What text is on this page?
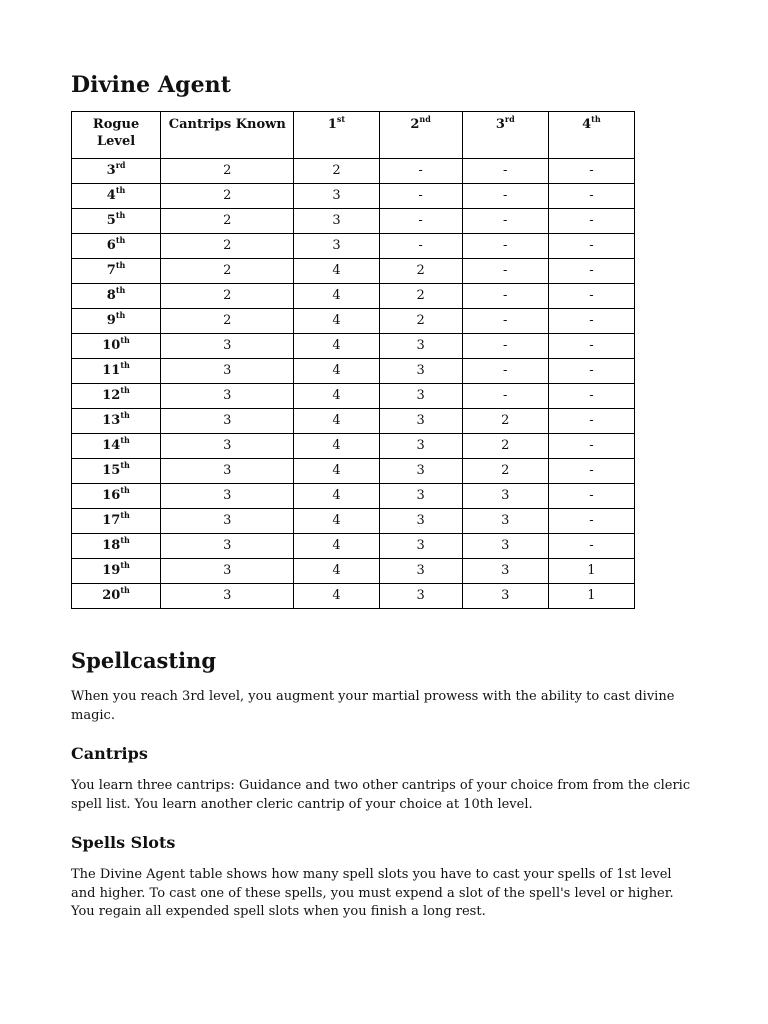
Divine Agent
Rogue Level	Cantrips Known	1st	2nd	3rd	4th
3rd	2	2	-	-	-
4th	2	3	-	-	-
5th	2	3	-	-	-
6th	2	3	-	-	-
7th	2	4	2	-	-
8th	2	4	2	-	-
9th	2	4	2	-	-
10th	3	4	3	-	-
11th	3	4	3	-	-
12th	3	4	3	-	-
13th	3	4	3	2	-
14th	3	4	3	2	-
15th	3	4	3	2	-
16th	3	4	3	3	-
17th	3	4	3	3	-
18th	3	4	3	3	-
19th	3	4	3	3	1
20th	3	4	3	3	1
Spellcasting

When you reach 3rd level, you augment your martial prowess with the ability to cast divine magic.

Cantrips

You learn three cantrips: Guidance and two other cantrips of your choice from from the cleric spell list. You learn another cleric cantrip of your choice at 10th level.

Spells Slots

The Divine Agent table shows how many spell slots you have to cast your spells of 1st level and higher. To cast one of these spells, you must expend a slot of the spell's level or higher. You regain all expended spell slots when you finish a long rest.
